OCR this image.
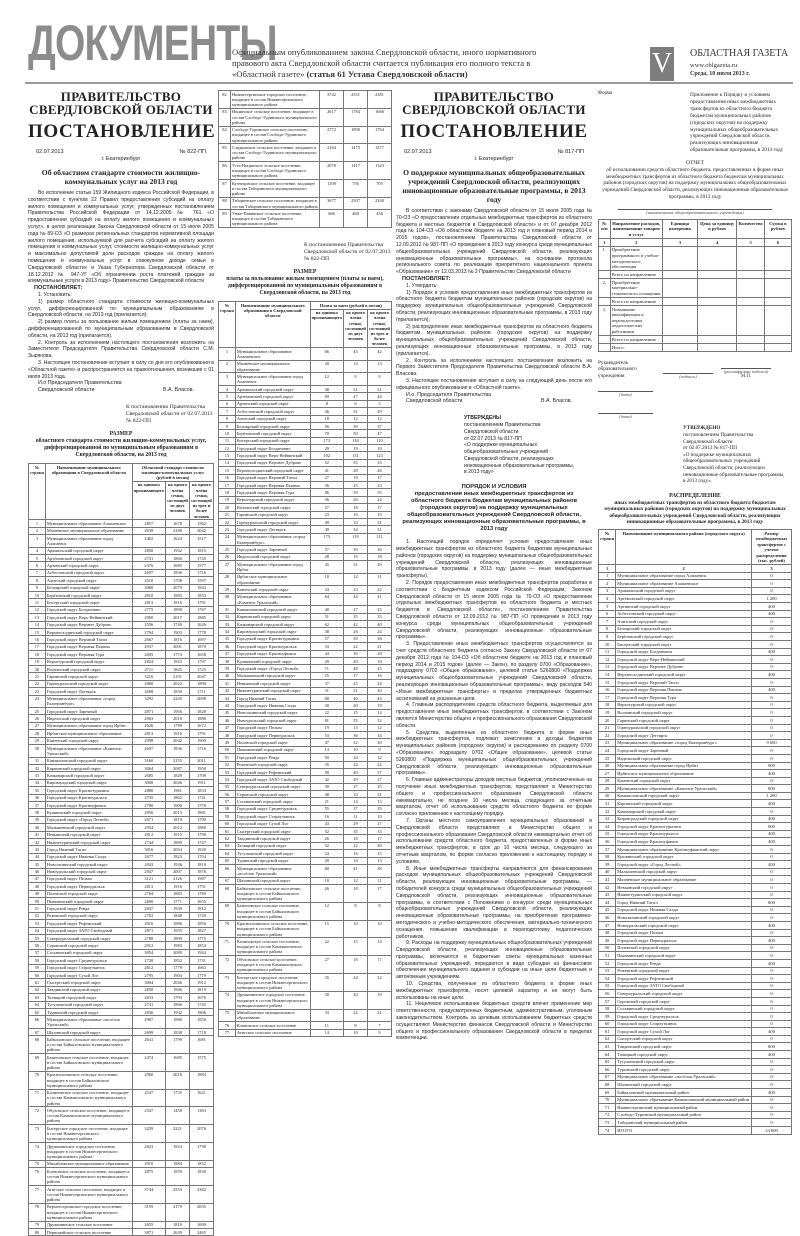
ДОКУМЕНТЫ
Официальным опубликованием закона Свердловской области, иного нормативного правового акта Свердловской области считается публикация его полного текста в «Областной газете» (статья 61 Устава Свердловской области)	V ОБЛАСТНАЯ ГАЗЕТА
www.oblgazeta.ru
Среда, 10 июля 2013 г.
ПРАВИТЕЛЬСТВО
СВЕРДЛОВСКОЙ ОБЛАСТИ
ПОСТАНОВЛЕНИЕ
02.07.2013	№ 822-ПП
г. Екатеринбург
Об областном стандарте стоимости жилищно-коммунальных услуг на 2013 год

Во исполнение статьи 159 Жилищного кодекса Российской Федерации, в соответствии с пунктом 22 Правил предоставления субсидий на оплату жилого помещения и коммунальных услуг, утвержденных постановлением Правительства Российской Федерации от 14.12.2005 № 761 «О предоставлении субсидий на оплату жилого помещения и коммунальных услуг», в целях реализации Закона Свердловской области от 15 июля 2005 года № 89-ОЗ «О размерах региональных стандартов нормативной площади жилого помещения, используемой для расчета субсидий на оплату жилого помещения и коммунальных услуг, стоимости жилищно-коммунальных услуг и максимально допустимой доли расходов граждан на оплату жилого помещения и коммунальных услуг в совокупном доходе семьи в Свердловской области» и Указа Губернатора Свердловской области от 18.12.2012 № 947-УГ «Об ограничении роста платежей граждан за коммунальные услуги в 2013 году» Правительство Свердловской области

ПОСТАНОВЛЯЕТ:

1. Установить:

1) размер областного стандарта стоимости жилищно-коммунальных услуг, дифференцированной по муниципальным образованиям в Свердловской области, на 2013 год (прилагается);

2) размер платы за пользование жилым помещением (платы за наем), дифференцированной по муниципальным образованиям в Свердловской области, на 2013 год (прилагается).

2. Контроль за исполнением настоящего постановления возложить на Заместителя Председателя Правительства Свердловской области С.М. Зырянова.

3. Настоящее постановление вступает в силу со дня его опубликования в «Областной газете» и распространяется на правоотношения, возникшие с 01 июля 2013 года.

И.о Председателя Правительства
Свердловской области	В.А. Власов.
К постановлению Правительства Свердловской области от 02.07.2013 № 822-ПП
РАЗМЕР
областного стандарта стоимости жилищно-коммунальных услуг, дифференцированной по муниципальным образованиям в Свердловской области, на 2013 год
№ строки	Наименование муниципального образования в Свердловской области	Областной стандарт стоимости жилищно-коммунальных услуг (рублей в месяц)		
		на одиноко проживающего	на одного члена семьи, состоящей из двух человек	на одного члена семьи, состоящей из трех и более человек
1	Муниципальное образование Алапаевское	2857	1678	1562
2	Махнёвское муниципальное образование	2639	2180	2042
3	Муниципальное образование город Алапаевск	2402	1624	1517
4	Арамильский городской округ	2850	1942	1815
5	Артёмовский городской округ	2741	1866	1745
6	Артинский городской округ	2476	1685	1577
7	Асбестовский городской округ	2697	1836	1716
8	Ачитский городской округ	2510	1708	1597
9	Белоярский городской округ	3068	2079	1943
10	Берёзовский городской округ	2910	1983	1853
11	Бисертский городской округ	2813	1916	1791
12	Городской округ Богданович	2775	1890	1767
13	Городской округ Верх-Нейвинский	2960	2017	1885
14	Городской округ Верхнее Дуброво	2556	1740	1626
15	Верхнесалдинский городской округ	2794	1903	1778
16	Городской округ Верхний Тагил	2667	1816	1697
17	Городской округ Верхняя Пышма	2937	2001	1870
18	Городской округ Верхняя Тура	2605	1774	1658
19	Верхотурский городской округ	2824	1923	1797
20	Волчанский городской округ	2711	1845	1725
21	Гаринский городской округ	3216	2191	2047
22	Горноуральский городской округ	2968	2022	1890
23	Городской округ Дегтярск	2688	1830	1711
24	Муниципальное образование «город Екатеринбург»	3292	2245	2098
25	Городской округ Заречный	2871	1956	1828
26	Ивдельский городской округ	2963	2018	1886
27	Муниципальное образование город Ирбит	2626	1789	1672
28	Ирбитское муниципальное образование	2813	1916	1791
29	Каменский городской округ	2998	2042	1909
30	Муниципальное образование «Каменск-Уральский»	2697	1836	1716
31	Камышловский городской округ	3160	2155	2011
32	Карпинский городской округ	3064	2087	1950
33	Качканарский городской округ	2685	1829	1709
34	Кировградский городской округ	3000	2046	1911
35	Городской округ Краснотурьинск	2880	1961	1833
36	Городской округ Красноуральск	2735	1862	1741
37	Городской округ Красноуфимск	2790	1900	1776
38	Кушвинский городской округ	2956	2013	1881
39	Городской округ «Город Лесной»	2671	1819	1700
40	Малышевский городской округ	2954	2012	1880
41	Невьянский городской округ	2812	1915	1790
42	Нижнетуринский городской округ	2744	1869	1747
43	Город Нижний Тагил	3016	2054	1920
44	Городской округ Нижняя Салда	2677	1823	1704
45	Новолялинский городской округ	2843	1936	1810
46	Новоуральский городской округ	2947	2007	1876
47	Городской округ Пелым	3121	2126	1987
48	Городской округ Первоуральск	2813	1916	1791
49	Полевской городской округ	2764	1883	1760
50	Пышминский городской округ	2600	1771	1655
51	Городской округ Ревда	2847	1939	1812
52	Режевской городской округ	2702	1840	1720
53	Городской округ Рефтинский	2916	1986	1856
54	Городской округ ЗАТО Свободный	2871	1955	1827
55	Североуральский городской округ	2788	1899	1775
56	Серовский городской округ	2912	1983	1854
57	Сосьвинский городской округ	3054	2080	1944
58	Городской округ Среднеуральск	2720	1852	1731
59	Городской округ Староуткинск	2612	1779	1663
60	Городской округ Сухой Лог	2795	1904	1779
61	Сысертский городской округ	3004	2046	1912
62	Тавдинский городской округ	2858	1946	1819
63	Талицкий городской округ	2633	1793	1676
64	Тугулымский городской округ	2741	1866	1745
65	Туринский городской округ	2836	1932	1806
66	Муниципальное образование «посёлок Уральский»	2907	1980	1850
67	Шалинский городской округ	2699	1838	1718
68	Байкаловское сельское поселение, входящее в состав Байкаловского муниципального района	2641	1799	1681
69	Баженовское сельское поселение, входящее в состав Байкаловского муниципального района	2474	1685	1575
70	Краснополянское сельское поселение, входящее в состав Байкаловского муниципального района	2960	2016	1884
71	Калиновское сельское поселение, входящее в состав Камышловского муниципального района	2547	1735	1621
72	Обуховское сельское поселение, входящее в состав Камышловского муниципального района	2547	1458	1363
73	Бисертское городское поселение, входящее в состав Нижнесергинского муниципального района	3259	2221	2076
74	Дружининское городское поселение, входящее в состав Нижнесергинского муниципального района	2823	1924	1798
75	Михайловское муниципальное образование	2910	1984	1852
76	Кленовское сельское поселение, входящее в состав Нижнесергинского муниципального района	2875	1959	1830
77	Атигское сельское поселение, входящее в состав Нижнесергинского муниципального района	3744	2553	2382
78	Верхнесергинское городское поселение, входящее в состав Нижнесергинского муниципального района	3195	2179	2035
79	Дружининское сельское поселение	2655	1810	1690
80	Первомайское сельское поселение	3871	2639	2465
82	Нижнесергинское городское поселение, входящее в состав Нижнесергинского муниципального района	3742	2551	2381
83	Ницинское сельское поселение, входящее в состав Слободо-Туринского муниципального района	2617	1784	1666
84	Слободо-Туринское сельское поселение, входящее в состав Слободо-Туринского муниципального района	2772	1890	1764
85	Сладковское сельское поселение, входящее в состав Слободо-Туринского муниципального района	2164	1475	1377
86	Усть-Ницинское сельское поселение, входящее в состав Слободо-Туринского муниципального района	2078	1417	1323
87	Кузнецовское сельское поселение, входящее в состав Таборинского муниципального района	1108	756	705
88	Таборинское сельское поселение, входящее в состав Таборинского муниципального района	3677	2507	2340
89	Унже-Павинское сельское поселение, входящее в состав Таборинского муниципального района	686	468	436
К постановлению Правительства Свердловской области от 02.07.2013 № 822-ПП
РАЗМЕР
платы за пользование жилым помещением (платы за наем), дифференцированной по муниципальным образованиям в Свердловской области, на 2013 год
№ строки	Наименование муниципального образования в Свердловской области	Плата за наем (рублей в месяц)		
		на одиноко проживающего	на одного члена семьи, состоящей из двух человек	на одного члена семьи, состоящей из трех и более человек
1	Муниципальное образование Алапаевское	66	43	42
2	Махнёвское муниципальное образование	20	14	13
3	Муниципальное образование город Алапаевск	12	8	8
4	Арамильский городской округ	48	31	31
5	Артёмовский городской округ	69	47	44
6	Артинский городской округ	8	6	5
7	Асбестовский городской округ	46	31	29
8	Ачитский городской округ	18	12	12
9	Белоярский городской округ	56	39	37
10	Берёзовский городской округ	70	50	47
11	Бисертский городской округ	173	118	110
12	Городской округ Богданович	29	19	19
13	Городской округ Верх-Нейвинский	192	131	123
14	Городской округ Верхнее Дуброво	52	35	33
15	Верхнесалдинский городской округ	41	28	26
16	Городской округ Верхний Тагил	27	19	17
17	Городской округ Верхняя Пышма	36	25	23
18	Городской округ Верхняя Тура	86	59	55
19	Верхотурский городской округ	36	26	24
20	Волчанский городской округ	27	18	17
21	Гаринский городской округ	23	16	15
22	Горноуральский городской округ	49	33	31
23	Городской округ Дегтярск	49	34	31
24	Муниципальное образование «город Екатеринбург»	175	119	111
25	Городской округ Заречный	57	39	36
26	Ивдельский городской округ	28	19	18
27	Муниципальное образование город Ирбит	45	31	29
28	Ирбитское муниципальное образование	18	12	11
29	Каменский городской округ	34	23	22
30	Муниципальное образование «Каменск-Уральский»	64	44	41
31	Камышловский городской округ	40	27	25
32	Карпинский городской округ	51	35	33
33	Качканарский городской округ	62	42	40
34	Кировградский городской округ	38	26	24
35	Городской округ Краснотурьинск	57	39	36
36	Городской округ Красноуральск	33	22	21
37	Городской округ Красноуфимск	44	30	28
38	Кушвинский городской округ	29	20	19
39	Городской округ «Город Лесной»	71	48	45
40	Малышевский городской округ	25	17	16
41	Невьянский городской округ	37	25	24
42	Нижнетуринский городской округ	31	21	20
43	Город Нижний Тагил	68	46	43
44	Городской округ Нижняя Салда	30	20	19
45	Новолялинский городской округ	22	15	14
46	Новоуральский городской округ	81	55	52
47	Городской округ Пелым	19	13	12
48	Городской округ Первоуральск	53	36	34
49	Полевской городской округ	47	32	30
50	Пышминский городской округ	14	10	9
51	Городской округ Ревда	50	34	32
52	Режевской городской округ	35	24	22
53	Городской округ Рефтинский	58	40	37
54	Городской округ ЗАТО Свободный	42	29	27
55	Североуральский городской округ	39	27	25
56	Серовский городской округ	48	33	31
57	Сосьвинский городской округ	21	14	13
58	Городской округ Среднеуральск	55	37	35
59	Городской округ Староуткинск	16	11	10
60	Городской округ Сухой Лог	43	29	27
61	Сысертский городской округ	52	35	33
62	Тавдинский городской округ	26	18	17
63	Талицкий городской округ	32	22	20
64	Тугулымский городской округ	24	16	15
65	Туринский городской округ	20	14	13
66	Муниципальное образование «посёлок Уральский»	60	41	38
67	Шалинский городской округ	18	12	11
68	Байкаловское сельское поселение, входящее в состав Байкаловского муниципального района	26	18	17
69	Баженовское сельское поселение, входящее в состав Байкаловского муниципального района	12	8	8
70	Краснополянское сельское поселение, входящее в состав Байкаловского муниципального района	15	10	10
71	Калиновское сельское поселение, входящее в состав Камышловского муниципального района	22	15	14
72	Обуховское сельское поселение, входящее в состав Камышловского муниципального района	27	18	17
73	Бисертское городское поселение, входящее в состав Нижнесергинского муниципального района	35	24	22
74	Дружининское городское поселение, входящее в состав Нижнесергинского муниципального района	30	20	19
75	Михайловское муниципальное образование	33	22	21
76	Кленовское сельское поселение	11	8	7
77	Атигское сельское поселение	14	10	9
ПРАВИТЕЛЬСТВО
СВЕРДЛОВСКОЙ ОБЛАСТИ
ПОСТАНОВЛЕНИЕ
02.07.2013	№ 817-ПП
г. Екатеринбург
О поддержке муниципальных общеобразовательных учреждений Свердловской области, реализующих инновационные образовательные программы, в 2013 году

В соответствии с законами Свердловской области от 15 июля 2005 года № 70-ОЗ «О предоставлении отдельных межбюджетных трансфертов из областного бюджета и местных бюджетов в Свердловской области» и от 07 декабря 2012 года № 104-ОЗ «Об областном бюджете на 2013 год и плановый период 2014 и 2015 годов», постановлением Правительства Свердловской области от 12.09.2012 № 987-ПП «О проведении в 2013 году конкурса среди муниципальных общеобразовательных учреждений Свердловской области, реализующих инновационные образовательные программы», на основании протокола регионального совета по реализации приоритетного национального проекта «Образование» от 12.03.2013 № 2 Правительство Свердловской области

ПОСТАНОВЛЯЕТ:

1. Утвердить:

1) Порядок и условия предоставления иных межбюджетных трансфертов из областного бюджета бюджетам муниципальных районов (городских округов) на поддержку муниципальных общеобразовательных учреждений Свердловской области, реализующих инновационные образовательные программы, в 2013 году (прилагается);

2) распределение иных межбюджетных трансфертов из областного бюджета бюджетам муниципальных районов (городских округов) на поддержку муниципальных общеобразовательных учреждений Свердловской области, реализующих инновационные образовательные программы, в 2013 году (прилагается).

2. Контроль за исполнением настоящего постановления возложить на Первого Заместителя Председателя Правительства Свердловской области В.А. Власова.

3. Настоящее постановление вступает в силу на следующий день после его официального опубликования в «Областной газете».

И.о. Председателя Правительства
Свердловской области	В.А. Власов.
УТВЕРЖДЕНЫ
постановлением Правительства
Свердловской области
от 02.07.2013 № 817-ПП
«О поддержке муниципальных общеобразовательных учреждений Свердловской области, реализующих инновационные образовательные программы, в 2013 году»
ПОРЯДОК И УСЛОВИЯ
предоставления иных межбюджетных трансфертов из областного бюджета бюджетам муниципальных районов (городских округов) на поддержку муниципальных общеобразовательных учреждений Свердловской области, реализующих инновационные образовательные программы, в 2013 году

1. Настоящий порядок определяет условия предоставления иных межбюджетных трансфертов из областного бюджета бюджетам муниципальных районов (городских округов) на поддержку муниципальных общеобразовательных учреждений Свердловской области, реализующих инновационные образовательные программы, в 2013 году (далее — иные межбюджетные трансферты).

2. Порядок предоставления иных межбюджетных трансфертов разработан в соответствии с Бюджетным кодексом Российской Федерации, Законом Свердловской области от 15 июля 2005 года № 70-ОЗ «О предоставлении отдельных межбюджетных трансфертов из областного бюджета и местных бюджетов в Свердловской области», постановлением Правительства Свердловской области от 12.09.2012 № 987-ПП «О проведении в 2013 году конкурса среди муниципальных общеобразовательных учреждений Свердловской области, реализующих инновационные образовательные программы».

3. Предоставление иных межбюджетных трансфертов осуществляется за счет средств областного бюджета согласно Закону Свердловской области от 07 декабря 2012 года № 104-ОЗ «Об областном бюджете на 2013 год и плановый период 2014 и 2015 годов» (далее — Закон), по разделу 0700 «Образование», подразделу 0702 «Общее образование», целевой статье 5260800 «Поддержка муниципальных общеобразовательных учреждений Свердловской области, реализующих инновационные образовательные программы», виду расходов 540 «Иные межбюджетные трансферты» в пределах утвержденных бюджетных ассигнований на указанные цели.

4. Главным распорядителем средств областного бюджета, выделяемых для предоставления иных межбюджетных трансфертов, в соответствии с Законом является Министерство общего и профессионального образования Свердловской области.

5. Средства, выделенные из областного бюджета в форме иных межбюджетных трансфертов, подлежат зачислению в доходы бюджетов муниципальных районов (городских округов) и расходованию по разделу 0700 «Образование», подразделу 0702 «Общее образование», целевой статье 5260800 «Поддержка муниципальных общеобразовательных учреждений Свердловской области, реализующих инновационные образовательные программы».

6. Главные администраторы доходов местных бюджетов, уполномоченные на получение иных межбюджетных трансфертов, представляют в Министерство общего и профессионального образования Свердловской области ежеквартально, не позднее 10 числа месяца, следующего за отчетным кварталом, отчет об использовании средств областного бюджета по форме согласно приложению к настоящему порядку.

7. Органы местного самоуправления муниципальных образований в Свердловской области представляют в Министерство общего и профессионального образования Свердловской области ежеквартально отчет об использовании средств областного бюджета, предоставленных в форме иных межбюджетных трансфертов, в срок до 10 числа месяца, следующего за отчетным кварталом, по форме согласно приложению к настоящему порядку и условиям.

8. Иные межбюджетные трансферты направляются для финансирования расходов муниципальных общеобразовательных учреждений Свердловской области, реализующих инновационные образовательные программы, — победителей конкурса среди муниципальных общеобразовательных учреждений Свердловской области, реализующих инновационные образовательные программы, в соответствии с Положением о конкурсе среди муниципальных общеобразовательных учреждений Свердловской области, реализующих инновационные образовательные программы, на приобретение программно-методического и учебно-методического обеспечения, материально-технического оснащения, повышение квалификации и переподготовку педагогических работников.

9. Расходы на поддержку муниципальных общеобразовательных учреждений Свердловской области, реализующих инновационные образовательные программы, включаются в бюджетные сметы муниципальных казенных образовательных учреждений, передаются в виде субсидии на финансовое обеспечение муниципального задания и субсидии на иные цели бюджетным и автономным учреждениям.

10. Средства, полученные из областного бюджета в форме иных межбюджетных трансфертов, носят целевой характер и не могут быть использованы на иные цели.

11. Нецелевое использование бюджетных средств влечет применение мер ответственности, предусмотренных бюджетным, административным, уголовным законодательством. Контроль за целевым использованием бюджетных средств осуществляют Министерство финансов Свердловской области и Министерство общего и профессионального образования Свердловской области в пределах компетенции.

Форма	Приложение к Порядку и условиям предоставления иных межбюджетных трансфертов из областного бюджета бюджетам муниципальных районов (городских округов) на поддержку муниципальных общеобразовательных учреждений Свердловской области, реализующих инновационные образовательные программы, в 2013 году
ОТЧЕТ
об использовании средств областного бюджета, предоставленных в форме иных межбюджетных трансфертов из областного бюджета бюджетам муниципальных районов (городских округов) на поддержку муниципальных общеобразовательных учреждений Свердловской области, реализующих инновационные образовательные программы, в 2013 году
(наименование общеобразовательного учреждения)
№ п/п	Направление расходов, наименование товаров и услуг	Единица измерения	Цена за единицу в рублях	Количество	Сумма в рублях
1	2	3	4	5	6
1.	Приобретение программного и учебно-методического обеспечения				
	Всего по направлению				
2.	Приобретение материально-технического оснащения				
	Всего по направлению				
3.	Повышение квалификации и переподготовка педагогических работников				
	Всего по направлению				
	Итого:				
Руководитель образовательного учреждения	(подпись)
(расшифровка подписи)
М.П.
(дата)
(дата)
УТВЕРЖДЕНО
постановлением Правительства
Свердловской области
от 02.07.2013 № 817-ПП
«О поддержке муниципальных общеобразовательных учреждений Свердловской области, реализующих инновационные образовательные программы, в 2013 году»
РАСПРЕДЕЛЕНИЕ
иных межбюджетных трансфертов из областного бюджета бюджетам муниципальных районов (городских округов) на поддержку муниципальных общеобразовательных учреждений Свердловской области, реализующих инновационные образовательные программы, в 2013 году
№ строки	Наименование муниципального района (городского округа)	Размер межбюджетных трансфертов с учетом распределения (тыс. рублей)
1	2	3
1	Муниципальное образование город Алапаевск	0
2	Муниципальное образование Алапаевское	0
3	Арамильский городской округ	0
4	Артёмовский городской округ	1 200
5	Артинский городской округ	400
6	Асбестовский городской округ	400
7	Ачитский городской округ	0
8	Белоярский городской округ	0
9	Берёзовский городской округ	0
10	Бисертский городской округ	0
11	Городской округ Богданович	400
12	Городской округ Верх-Нейвинский	0
13	Городской округ Верхнее Дуброво	0
14	Верхнесалдинский городской округ	400
15	Городской округ Верхний Тагил	0
16	Городской округ Верхняя Пышма	400
17	Городской округ Верхняя Тура	0
18	Верхотурский городской округ	0
19	Волчанский городской округ	0
20	Гаринский городской округ	0
21	Горноуральский городской округ	0
22	Городской округ Дегтярск	0
23	Муниципальное образование «город Екатеринбург»	9 600
24	Городской округ Заречный	0
25	Ивдельский городской округ	0
26	Муниципальное образование город Ирбит	800
27	Ирбитское муниципальное образование	400
28	Каменский городской округ	0
29	Муниципальное образование «Каменск-Уральский»	800
30	Камышловский городской округ	1 200
31	Карпинский городской округ	400
32	Качканарский городской округ	0
33	Кировградский городской округ	400
34	Городской округ Краснотурьинск	800
35	Городской округ Красноуральск	400
36	Городской округ Красноуфимск	400
37	Муниципальное образование Красноуфимский округ	0
38	Кушвинский городской округ	0
39	Городской округ «Город Лесной»	400
40	Малышевский городской округ	0
41	Махнёвское муниципальное образование	0
42	Невьянский городской округ	0
43	Нижнетуринский городской округ	0
44	Город Нижний Тагил	800
45	Городской округ Нижняя Салда	0
46	Новолялинский городской округ	0
47	Новоуральский городской округ	400
48	Городской округ Пелым	0
49	Городской округ Первоуральск	400
50	Полевской городской округ	0
51	Пышминский городской округ	0
52	Городской округ Ревда	400
53	Режевской городской округ	0
54	Городской округ Рефтинский	0
55	Городской округ ЗАТО Свободный	0
56	Североуральский городской округ	0
57	Серовский городской округ	0
58	Сосьвинский городской округ	0
59	Городской округ Среднеуральск	0
60	Городской округ Староуткинск	0
61	Городской округ Сухой Лог	400
62	Сысертский городской округ	0
63	Тавдинский городской округ	800
64	Талицкий городской округ	400
65	Тугулымский городской округ	0
66	Туринский городской округ	0
67	Муниципальное образование «посёлок Уральский»	0
68	Шалинский городской округ	0
69	Байкаловский муниципальный район	400
70	Муниципальное образование Камышловский муниципальный район	0
71	Нижнесергинский муниципальный район	0
72	Слободо-Туринский муниципальный район	0
73	Таборинский муниципальный район	0
74	ИТОГО	24 000
